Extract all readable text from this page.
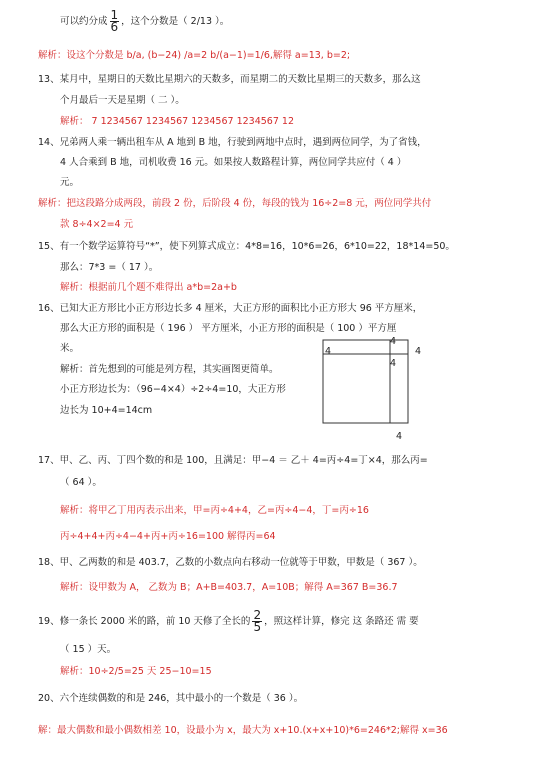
可以约分成 $\frac{1}{6}$ ，这个分数是（ 2/13 ）。
解析：设这个分数是 b/a, (b−24) /a=2 b/(a−1)=1/6,解得 a=13, b=2;
13、某月中，星期日的天数比星期六的天数多，而星期二的天数比星期三的天数多，那么这
个月最后一天是星期（ 二 ）。
解析： 7 1234567 1234567 1234567 1234567 12
14、兄弟两人乘一辆出租车从 A 地到 B 地，行驶到两地中点时，遇到两位同学，为了省钱，
4 人合乘到 B 地，司机收费 16 元。如果按人数路程计算，两位同学共应付（ 4 ）
元。
解析：把这段路分成两段，前段 2 份，后阶段 4 份，每段的钱为 16÷2=8 元，两位同学共付
款 8÷4×2=4 元
15、有一个数学运算符号“*”，使下列算式成立：4*8=16，10*6=26，6*10=22，18*14=50。
那么：7*3 =（ 17 ）。
解析：根据前几个题不难得出 a*b=2a+b
16、已知大正方形比小正方形边长多 4 厘米，大正方形的面积比小正方形大 96 平方厘米，
那么大正方形的面积是（ 196 ） 平方厘米，小正方形的面积是（ 100 ）平方厘
米。
解析：首先想到的可能是列方程，其实画图更简单。
小正方形边长为：（96−4×4）÷2÷4=10，大正方形
边长为 10+4=14cm
4
4
4
4
4
17、甲、乙、丙、丁四个数的和是 100，且满足：甲−4 ＝ 乙＋ 4=丙÷4=丁×4，那么丙=
（ 64 ）。
解析：将甲乙丁用丙表示出来，甲=丙÷4+4，乙=丙÷4−4，丁=丙÷16
丙÷4+4+丙÷4−4+丙+丙÷16=100 解得丙=64
18、甲、乙两数的和是 403.7，乙数的小数点向右移动一位就等于甲数，甲数是（ 367 ）。
解析：设甲数为 A， 乙数为 B；A+B=403.7，A=10B；解得 A=367 B=36.7
19、修一条长 2000 米的路，前 10 天修了全长的 $\frac{2}{5}$ ，照这样计算，修完 这 条路还 需 要
（ 15 ）天。
解析：10÷2/5=25 天 25−10=15
20、六个连续偶数的和是 246，其中最小的一个数是（ 36 ）。
解：最大偶数和最小偶数相差 10，设最小为 x，最大为 x+10.(x+x+10)*6=246*2;解得 x=36
